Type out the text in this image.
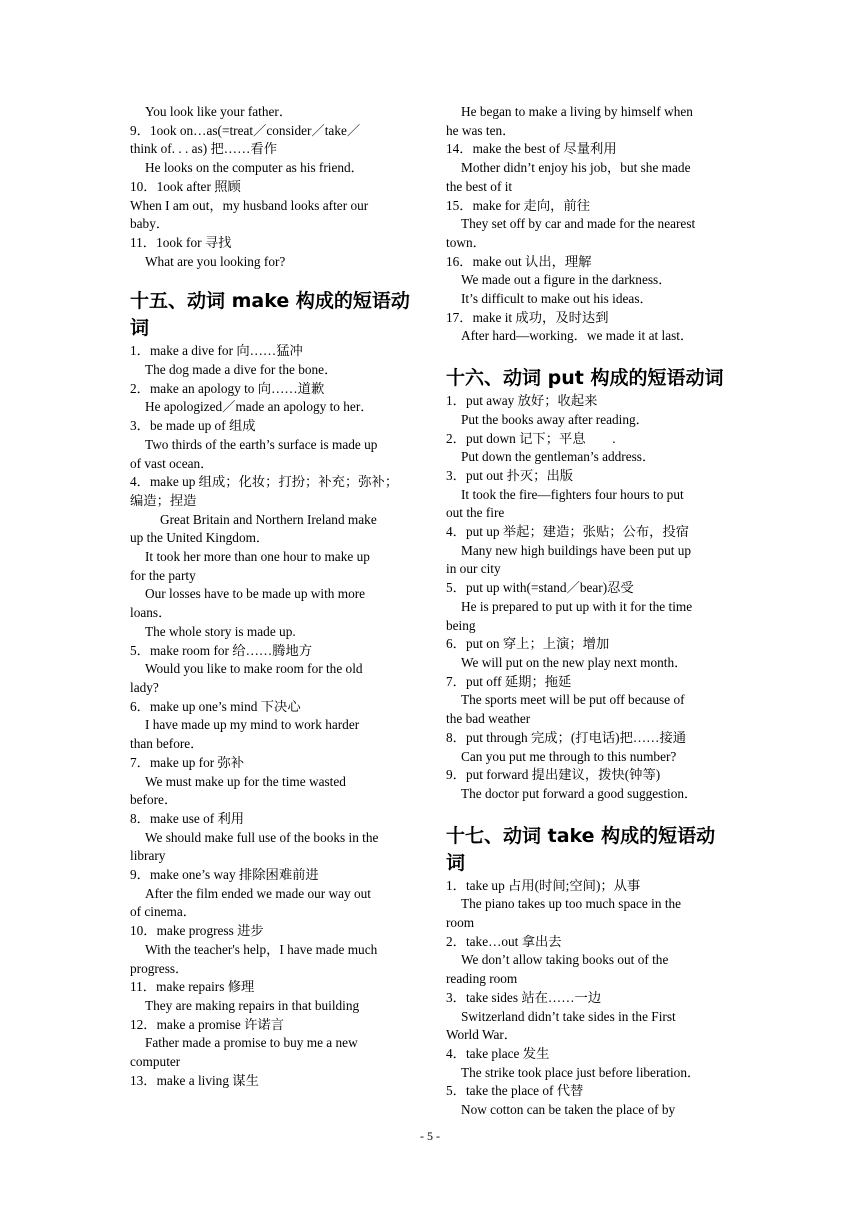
You look like your father．

9．1ook on…as(=treat／consider／take／

think of. . . as) 把……看作

He looks on the computer as his friend．

10．1ook after 照顾

When I am out，my husband looks after our

baby．

11．1ook for 寻找

What are you looking for?

十五、动词 make 构成的短语动
词

1．make a dive for 向……猛冲

The dog made a dive for the bone．

2．make an apology to 向……道歉

He apologized／made an apology to her．

3．be made up of 组成

Two thirds of the earth’s surface is made up

of vast ocean．

4．make up 组成；化妆；打扮；补充；弥补；

编造；捏造

Great Britain and Northern Ireland make

up the United Kingdom．

It took her more than one hour to make up

for the party

Our losses have to be made up with more

loans．

The whole story is made up.

5．make room for 给……腾地方

Would you like to make room for the old

lady?

6．make up one’s mind 下决心

I have made up my mind to work harder

than before．

7．make up for 弥补

We must make up for the time wasted

before．

8．make use of 利用

We should make full use of the books in the

library

9．make one’s way 排除困难前进

After the film ended we made our way out

of cinema．

10．make progress 进步

With the teacher's help，I have made much

progress．

11．make repairs 修理

They are making repairs in that building

12．make a promise 许诺言

Father made a promise to buy me a new

computer

13．make a living 谋生

He began to make a living by himself when

he was ten．

14．make the best of 尽量利用

Mother didn’t enjoy his job，but she made

the best of it

15．make for 走向，前往

They set off by car and made for the nearest

town．

16．make out 认出，理解

We made out a figure in the darkness．

It’s difficult to make out his ideas．

17．make it 成功，及时达到

After hard—working．we made it at last．

十六、动词 put 构成的短语动词

1．put away 放好；收起来

Put the books away after reading．

2．put down 记下；平息　　.

Put down the gentleman’s address．

3．put out 扑灭；出版

It took the fire—fighters four hours to put

out the fire

4．put up 举起；建造；张贴；公布，投宿

Many new high buildings have been put up

in our city

5．put up with(=stand／bear)忍受

He is prepared to put up with it for the time

being

6．put on 穿上；上演；增加

We will put on the new play next month．

7．put off 延期；拖延

The sports meet will be put off because of

the bad weather

8．put through 完成；(打电话)把……接通

Can you put me through to this number?

9．put forward 提出建议，拨快(钟等)

The doctor put forward a good suggestion．

十七、动词 take 构成的短语动词

1．take up 占用(时间;空间)；从事

The piano takes up too much space in the

room

2．take…out 拿出去

We don’t allow taking books out of the

reading room

3．take sides 站在……一边

Switzerland didn’t take sides in the First

World War．

4．take place 发生

The strike took place just before liberation．

5．take the place of 代替

Now cotton can be taken the place of by

- 5 -
